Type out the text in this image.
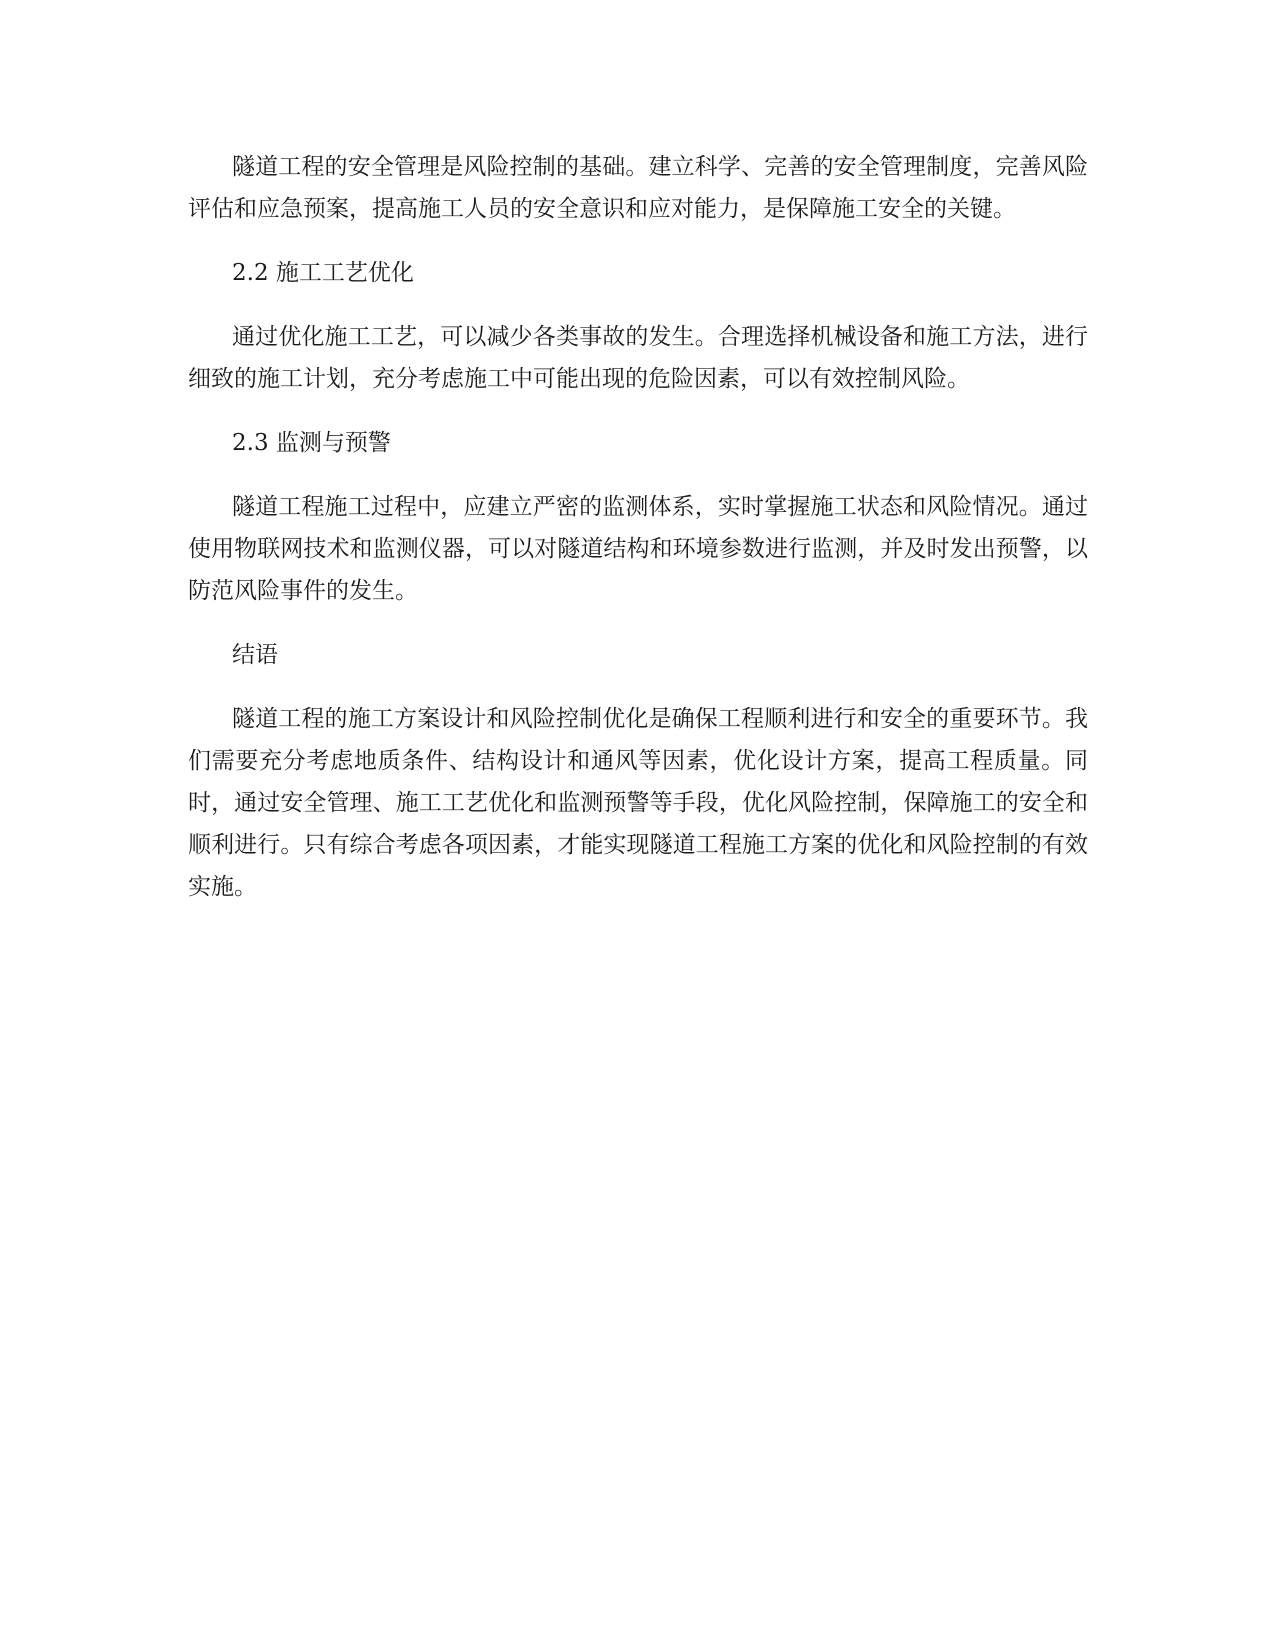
隧道工程的安全管理是风险控制的基础。建立科学、完善的安全管理制度，完善风险评估和应急预案，提高施工人员的安全意识和应对能力，是保障施工安全的关键。

2.2 施工工艺优化

通过优化施工工艺，可以减少各类事故的发生。合理选择机械设备和施工方法，进行细致的施工计划，充分考虑施工中可能出现的危险因素，可以有效控制风险。

2.3 监测与预警

隧道工程施工过程中，应建立严密的监测体系，实时掌握施工状态和风险情况。通过使用物联网技术和监测仪器，可以对隧道结构和环境参数进行监测，并及时发出预警，以防范风险事件的发生。

结语

隧道工程的施工方案设计和风险控制优化是确保工程顺利进行和安全的重要环节。我们需要充分考虑地质条件、结构设计和通风等因素，优化设计方案，提高工程质量。同时，通过安全管理、施工工艺优化和监测预警等手段，优化风险控制，保障施工的安全和顺利进行。只有综合考虑各项因素，才能实现隧道工程施工方案的优化和风险控制的有效实施。
